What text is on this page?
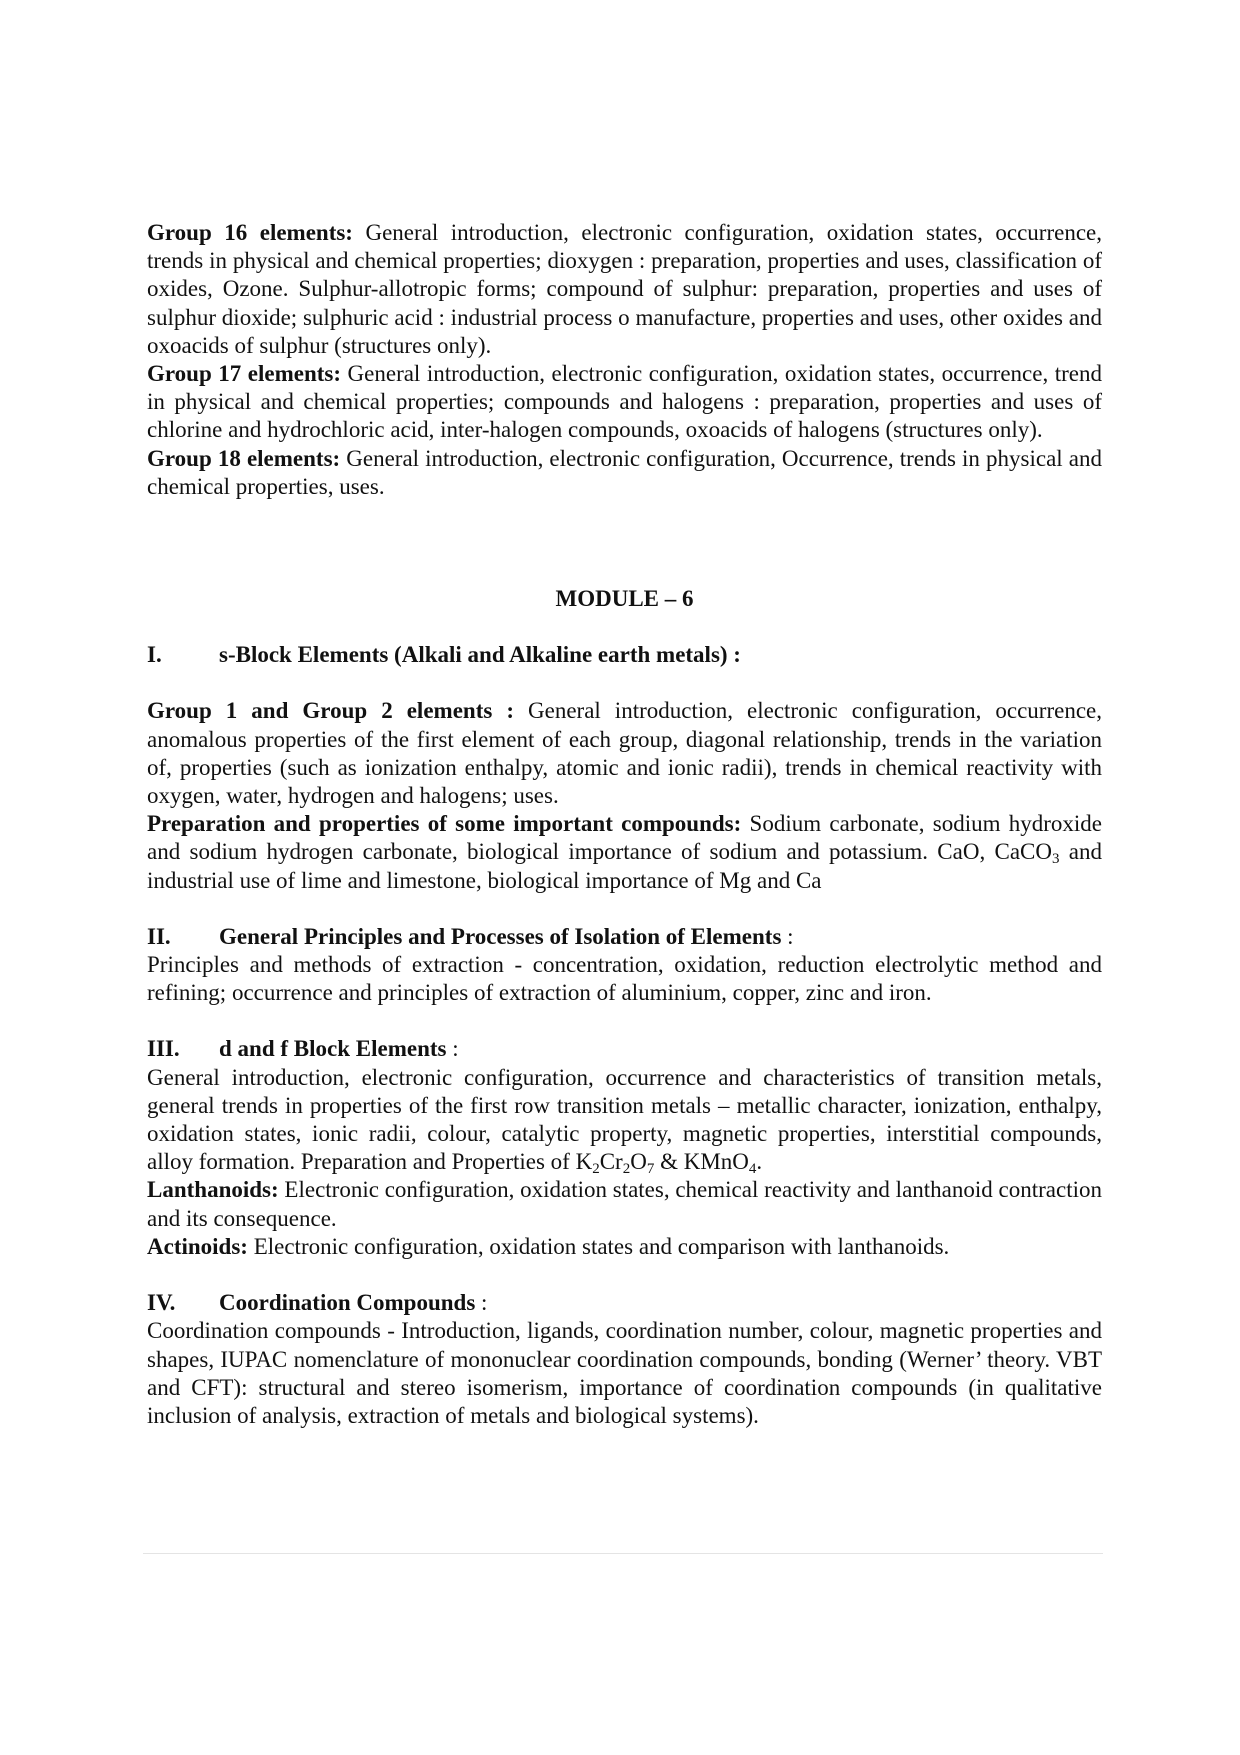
Group 16 elements: General introduction, electronic configuration, oxidation states, occurrence, trends in physical and chemical properties; dioxygen : preparation, properties and uses, classification of oxides, Ozone. Sulphur-allotropic forms; compound of sulphur: preparation, properties and uses of sulphur dioxide; sulphuric acid : industrial process o manufacture, properties and uses, other oxides and oxoacids of sulphur (structures only).

Group 17 elements: General introduction, electronic configuration, oxidation states, occurrence, trend in physical and chemical properties; compounds and halogens : preparation, properties and uses of chlorine and hydrochloric acid, inter-halogen compounds, oxoacids of halogens (structures only).

Group 18 elements: General introduction, electronic configuration, Occurrence, trends in physical and chemical properties, uses.

MODULE – 6
I.	s-Block Elements (Alkali and Alkaline earth metals) :

Group 1 and Group 2 elements : General introduction, electronic configuration, occurrence, anomalous properties of the first element of each group, diagonal relationship, trends in the variation of, properties (such as ionization enthalpy, atomic and ionic radii), trends in chemical reactivity with oxygen, water, hydrogen and halogens; uses.

Preparation and properties of some important compounds: Sodium carbonate, sodium hydroxide and sodium hydrogen carbonate, biological importance of sodium and potassium. CaO, CaCO$_3$ and industrial use of lime and limestone, biological importance of Mg and Ca

II.	General Principles and Processes of Isolation of Elements :

Principles and methods of extraction - concentration, oxidation, reduction electrolytic method and refining; occurrence and principles of extraction of aluminium, copper, zinc and iron.

III.	d and f Block Elements :

General introduction, electronic configuration, occurrence and characteristics of transition metals, general trends in properties of the first row transition metals – metallic character, ionization, enthalpy, oxidation states, ionic radii, colour, catalytic property, magnetic properties, interstitial compounds, alloy formation. Preparation and Properties of $K_2Cr_2O_7$ & KMnO$_4$.

Lanthanoids: Electronic configuration, oxidation states, chemical reactivity and lanthanoid contraction and its consequence.

Actinoids: Electronic configuration, oxidation states and comparison with lanthanoids.

IV.	Coordination Compounds :

Coordination compounds - Introduction, ligands, coordination number, colour, magnetic properties and shapes, IUPAC nomenclature of mononuclear coordination compounds, bonding (Werner’ theory. VBT and CFT): structural and stereo isomerism, importance of coordination compounds (in qualitative inclusion of analysis, extraction of metals and biological systems).
